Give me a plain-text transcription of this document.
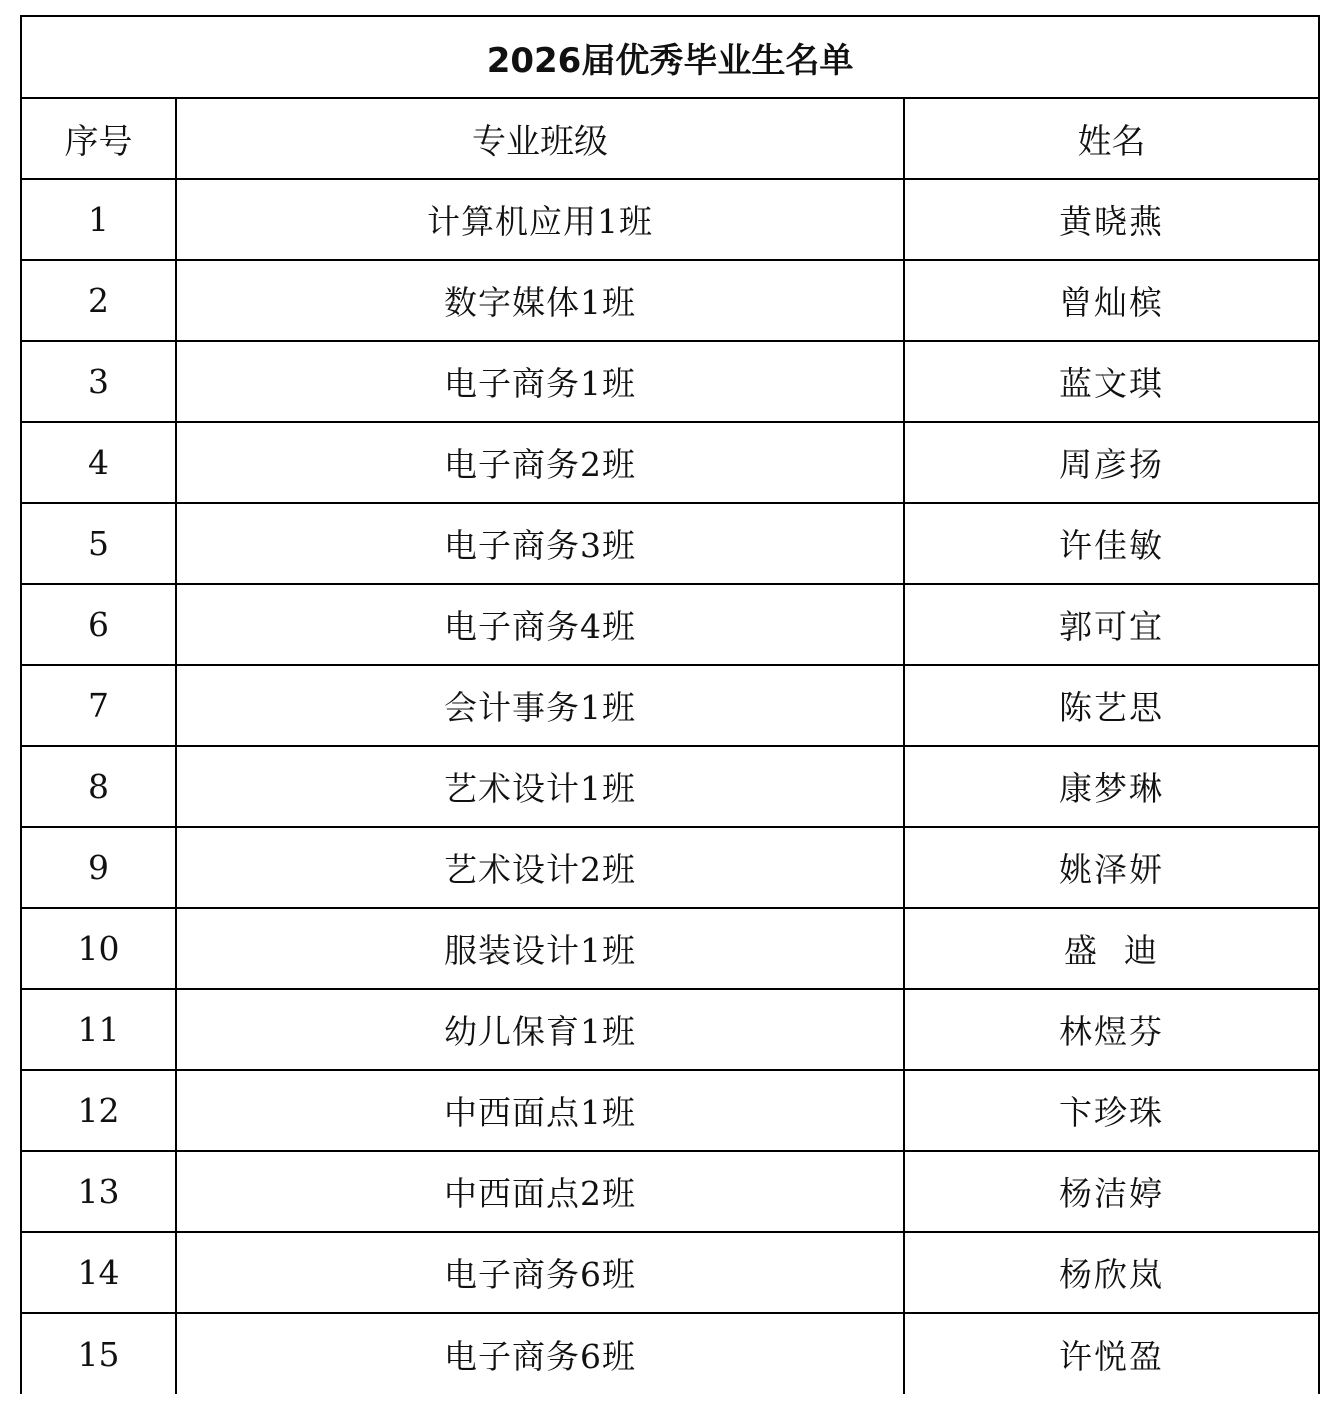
2026届优秀毕业生名单		
序号	专业班级	姓名
1	计算机应用1班	黄晓燕
2	数字媒体1班	曾灿槟
3	电子商务1班	蓝文琪
4	电子商务2班	周彦扬
5	电子商务3班	许佳敏
6	电子商务4班	郭可宜
7	会计事务1班	陈艺思
8	艺术设计1班	康梦琳
9	艺术设计2班	姚泽妍
10	服装设计1班	盛  迪
11	幼儿保育1班	林煜芬
12	中西面点1班	卞珍珠
13	中西面点2班	杨洁婷
14	电子商务6班	杨欣岚
15	电子商务6班	许悦盈
